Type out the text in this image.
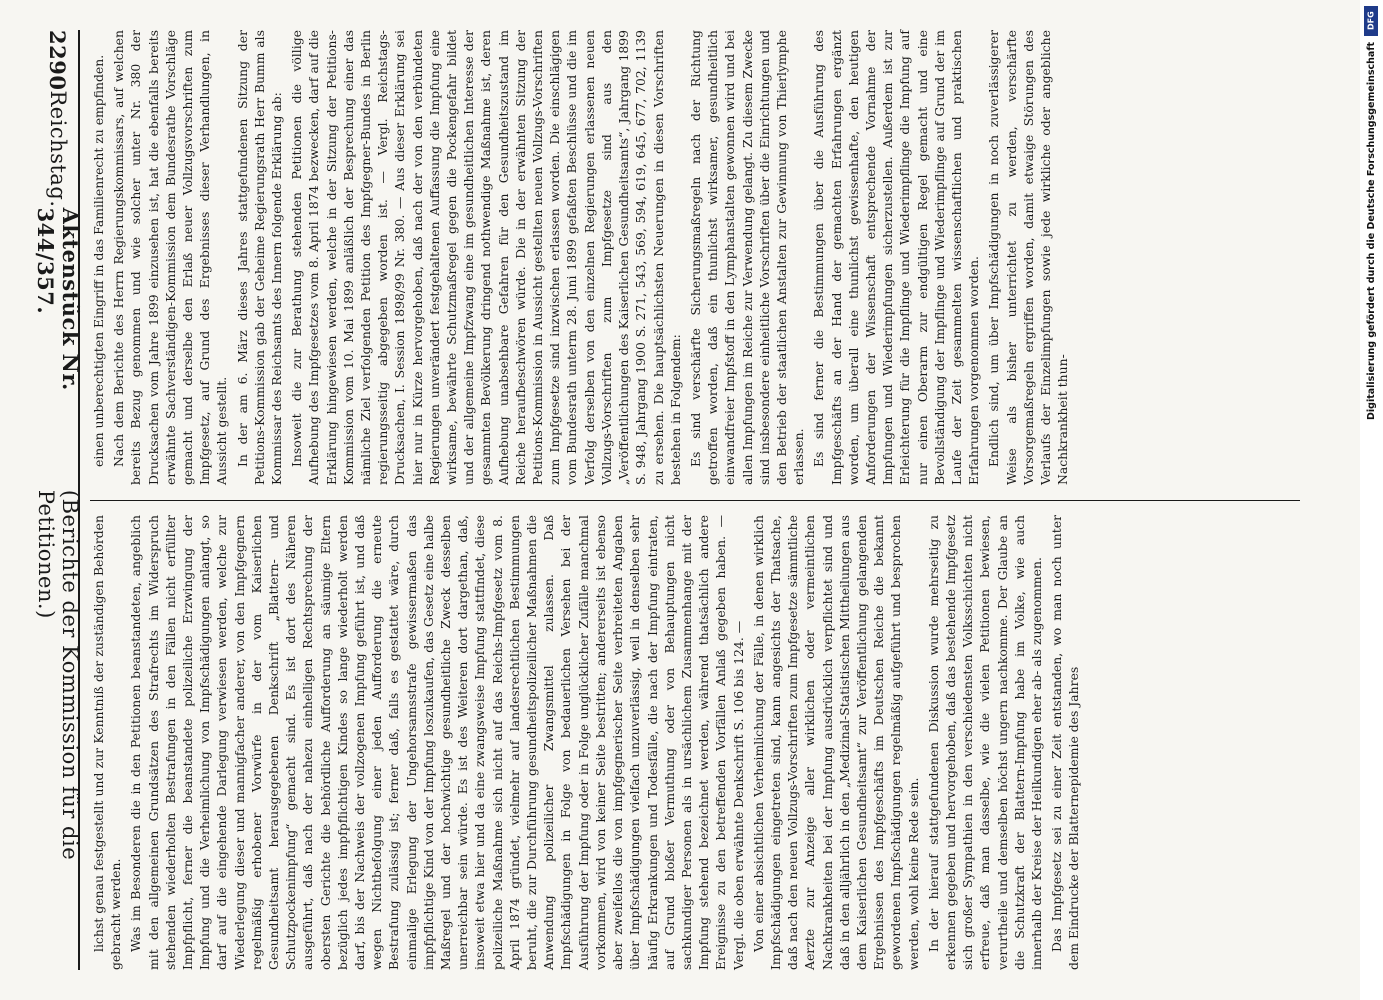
2290
Reichstag.
Aktenstück Nr. 344/357.
(Berichte der Kommission für die Petitionen.)

einen unberechtigten Eingriff in das Familienrecht zu empfinden. Nach dem Berichte des Herrn Regierungskommissars, auf welchen bereits Bezug genommen und wie solcher unter Nr. 380 der Drucksachen vom Jahre 1899 einzusehen ist, hat die ebenfalls bereits erwähnte Sachverständigen-Kommission dem Bundesrathe Vorschläge gemacht und derselbe den Erlaß neuer Vollzugsvorschriften zum Impfgesetz, auf Grund des Ergebnisses dieser Verhandlungen, in Aussicht gestellt. In der am 6. März dieses Jahres stattgefundenen Sitzung der Petitions-Kommission gab der Geheime Regierungsrath Herr Bumm als Kommissar des Reichsamts des Innern folgende Erklärung ab: Insoweit die zur Berathung stehenden Petitionen die völlige Aufhebung des Impfgesetzes vom 8. April 1874 bezwecken, darf auf die Erklärung hingewiesen werden, welche in der Sitzung der Petitions-Kommission vom 10. Mai 1899 anläßlich der Besprechung einer das nämliche Ziel verfolgenden Petition des Impfgegner-Bundes in Berlin regierungsseitig abgegeben worden ist. — Vergl. Reichstags-Drucksachen, I. Session 1898/99 Nr. 380. — Aus dieser Erklärung sei hier nur in Kürze hervorgehoben, daß nach der von den verbündeten Regierungen unverändert festgehaltenen Auffassung die Impfung eine wirksame, bewährte Schutzmaßregel gegen die Pockengefahr bildet und der allgemeine Impfzwang eine im gesundheitlichen Interesse der gesammten Bevölkerung dringend nothwendige Maßnahme ist, deren Aufhebung unabsehbare Gefahren für den Gesundheitszustand im Reiche heraufbeschwören würde. Die in der erwähnten Sitzung der Petitions-Kommission in Aussicht gestellten neuen Vollzugs-Vorschriften zum Impfgesetze sind inzwischen erlassen worden. Die einschlägigen vom Bundesrath unterm 28. Juni 1899 gefaßten Beschlüsse und die im Verfolg derselben von den einzelnen Regierungen erlassenen neuen Vollzugs-Vorschriften zum Impfgesetze sind aus den „Veröffentlichungen des Kaiserlichen Gesundheitsamts“, Jahrgang 1899 S. 948, Jahrgang 1900 S. 271, 543, 569, 594, 619, 645, 677, 702, 1139 zu ersehen. Die hauptsächlichsten Neuerungen in diesen Vorschriften bestehen in Folgendem: Es sind verschärfte Sicherungsmaßregeln nach der Richtung getroffen worden, daß ein thunlichst wirksamer, gesundheitlich einwandfreier Impfstoff in den Lymphanstalten gewonnen wird und bei allen Impfungen im Reiche zur Verwendung gelangt. Zu diesem Zwecke sind insbesondere einheitliche Vorschriften über die Einrichtungen und den Betrieb der staatlichen Anstalten zur Gewinnung von Thierlymphe erlassen. Es sind ferner die Bestimmungen über die Ausführung des Impfgeschäfts an der Hand der gemachten Erfahrungen ergänzt worden, um überall eine thunlichst gewissenhafte, den heutigen Anforderungen der Wissenschaft entsprechende Vornahme der Impfungen und Wiederimpfungen sicherzustellen. Außerdem ist zur Erleichterung für die Impflinge und Wiederimpflinge die Impfung auf nur einen Oberarm zur endgültigen Regel gemacht und eine Bevollständigung der Impflinge und Wiederimpflinge auf Grund der im Laufe der Zeit gesammelten wissenschaftlichen und praktischen Erfahrungen vorgenommen worden. Endlich sind, um über Impfschädigungen in noch zuverlässigerer Weise als bisher unterrichtet zu werden, verschärfte Vorsorgemaßregeln ergriffen worden, damit etwaige Störungen des Verlaufs der Einzelimpfungen sowie jede wirkliche oder angebliche Nachkrankheit thun-

lichst genau festgestellt und zur Kenntniß der zuständigen Behörden gebracht werden. Was im Besonderen die in den Petitionen beanstandeten, angeblich mit den allgemeinen Grundsätzen des Strafrechts im Widerspruch stehenden wiederholten Bestrafungen in den Fällen nicht erfüllter Impfpflicht, ferner die beanstandete polizeiliche Erzwingung der Impfung und die Verheimlichung von Impfschädigungen anlangt, so darf auf die eingehende Darlegung verwiesen werden, welche zur Wiederlegung dieser und mannigfacher anderer, von den Impfgegnern regelmäßig erhobener Vorwürfe in der vom Kaiserlichen Gesundheitsamt herausgegebenen Denkschrift „Blattern- und Schutzpockenimpfung“ gemacht sind. Es ist dort des Näheren ausgeführt, daß nach der nahezu einhelligen Rechtsprechung der obersten Gerichte die behördliche Aufforderung an säumige Eltern bezüglich jedes impfpflichtigen Kindes so lange wiederholt werden darf, bis der Nachweis der vollzogenen Impfung geführt ist, und daß wegen Nichtbefolgung einer jeden Aufforderung die erneute Bestrafung zulässig ist; ferner daß, falls es gestattet wäre, durch einmalige Erlegung der Ungehorsamsstrafe gewissermaßen das impfpflichtige Kind von der Impfung loszukaufen, das Gesetz eine halbe Maßregel und der hochwichtige gesundheitliche Zweck desselben unerreichbar sein würde. Es ist des Weiteren dort dargethan, daß, insoweit etwa hier und da eine zwangsweise Impfung stattfindet, diese polizeiliche Maßnahme sich nicht auf das Reichs-Impfgesetz vom 8. April 1874 gründet, vielmehr auf landesrechtlichen Bestimmungen beruht, die zur Durchführung gesundheitspolizeilicher Maßnahmen die Anwendung polizeilicher Zwangsmittel zulassen. Daß Impfschädigungen in Folge von bedauerlichen Versehen bei der Ausführung der Impfung oder in Folge unglücklicher Zufälle manchmal vorkommen, wird von keiner Seite bestritten; andererseits ist ebenso aber zweifellos die von impfgegnerischer Seite verbreiteten Angaben über Impfschädigungen vielfach unzuverlässig, weil in denselben sehr häufig Erkrankungen und Todesfälle, die nach der Impfung eintraten, auf Grund bloßer Vermuthung oder von Behauptungen nicht sachkundiger Personen als in ursächlichem Zusammenhange mit der Impfung stehend bezeichnet werden, während thatsächlich andere Ereignisse zu den betreffenden Vorfällen Anlaß gegeben haben. — Vergl. die oben erwähnte Denkschrift S. 106 bis 124. — Von einer absichtlichen Verheimlichung der Fälle, in denen wirklich Impfschädigungen eingetreten sind, kann angesichts der Thatsache, daß nach den neuen Vollzugs-Vorschriften zum Impfgesetze sämmtliche Aerzte zur Anzeige aller wirklichen oder vermeintlichen Nachkrankheiten bei der Impfung ausdrücklich verpflichtet sind und daß in den alljährlich in den „Medizinal-Statistischen Mittheilungen aus dem Kaiserlichen Gesundheitsamt“ zur Veröffentlichung gelangenden Ergebnissen des Impfgeschäfts im Deutschen Reiche die bekannt gewordenen Impfschädigungen regelmäßig aufgeführt und besprochen werden, wohl keine Rede sein. In der hierauf stattgefundenen Diskussion wurde mehrseitig zu erkennen gegeben und hervorgehoben, daß das bestehende Impfgesetz sich großer Sympathien in den verschiedensten Volksschichten nicht erfreue, daß man dasselbe, wie die vielen Petitionen bewiesen, verurtheile und demselben höchst ungern nachkomme. Der Glaube an die Schutzkraft der Blattern-Impfung habe im Volke, wie auch innerhalb der Kreise der Heilkundigen eher ab- als zugenommen. Das Impfgesetz sei zu einer Zeit entstanden, wo man noch unter dem Eindrucke der Blatternepidemie des Jahres

DFG
Digitalisierung gefördert durch die Deutsche Forschungsgemeinschaft
